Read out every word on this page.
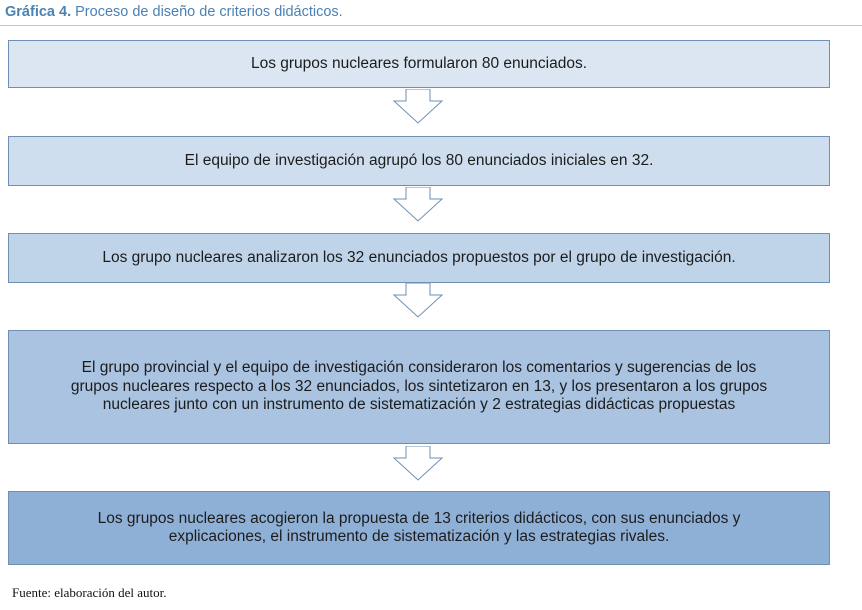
Gráfica 4. Proceso de diseño de criterios didácticos.
Los grupos nucleares formularon 80 enunciados.
El equipo de investigación agrupó los 80 enunciados iniciales en 32.
Los grupo nucleares analizaron los 32 enunciados propuestos por el grupo de investigación.
El grupo provincial y el equipo de investigación consideraron los comentarios y sugerencias de los grupos nucleares respecto a los 32 enunciados, los sintetizaron en 13, y los presentaron a los grupos nucleares junto con un instrumento de sistematización y 2 estrategias didácticas propuestas
Los grupos nucleares acogieron la propuesta de 13 criterios didácticos, con sus enunciados y explicaciones, el instrumento de sistematización y las estrategias rivales.
Fuente: elaboración del autor.
